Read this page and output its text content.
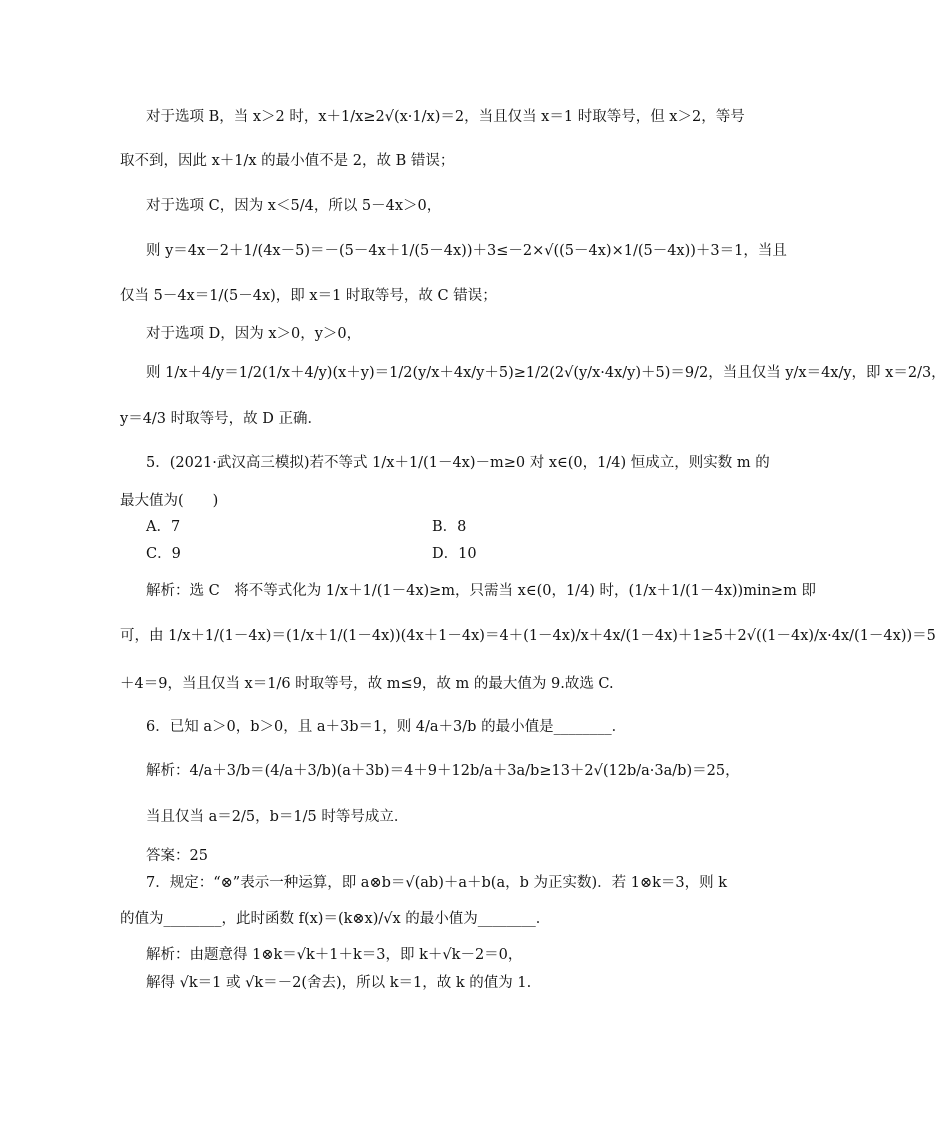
对于选项 B，当 x＞2 时，x＋1/x≥2√(x·1/x)＝2，当且仅当 x＝1 时取等号，但 x＞2，等号
取不到，因此 x＋1/x 的最小值不是 2，故 B 错误；
对于选项 C，因为 x＜5/4，所以 5－4x＞0，
则 y＝4x－2＋1/(4x－5)＝－(5－4x＋1/(5－4x))＋3≤－2×√((5－4x)×1/(5－4x))＋3＝1，当且
仅当 5－4x＝1/(5－4x)，即 x＝1 时取等号，故 C 错误；
对于选项 D，因为 x＞0，y＞0，
则 1/x＋4/y＝1/2(1/x＋4/y)(x＋y)＝1/2(y/x＋4x/y＋5)≥1/2(2√(y/x·4x/y)＋5)＝9/2，当且仅当 y/x＝4x/y，即 x＝2/3，
y＝4/3 时取等号，故 D 正确．
5．(2021·武汉高三模拟)若不等式 1/x＋1/(1－4x)－m≥0 对 x∈(0，1/4) 恒成立，则实数 m 的
最大值为(　　)
A．7	B．8
C．9	D．10
解析：选 C　将不等式化为 1/x＋1/(1－4x)≥m，只需当 x∈(0，1/4) 时，(1/x＋1/(1－4x))min≥m 即
可，由 1/x＋1/(1－4x)＝(1/x＋1/(1－4x))(4x＋1－4x)＝4＋(1－4x)/x＋4x/(1－4x)＋1≥5＋2√((1－4x)/x·4x/(1－4x))＝5
＋4＝9，当且仅当 x＝1/6 时取等号，故 m≤9，故 m 的最大值为 9.故选 C.
6．已知 a＞0，b＞0，且 a＋3b＝1，则 4/a＋3/b 的最小值是________．
解析：4/a＋3/b＝(4/a＋3/b)(a＋3b)＝4＋9＋12b/a＋3a/b≥13＋2√(12b/a·3a/b)＝25，
当且仅当 a＝2/5，b＝1/5 时等号成立．
答案：25
7．规定：“⊗”表示一种运算，即 a⊗b＝√(ab)＋a＋b(a，b 为正实数)．若 1⊗k＝3，则 k
的值为________，此时函数 f(x)＝(k⊗x)/√x 的最小值为________．
解析：由题意得 1⊗k＝√k＋1＋k＝3，即 k＋√k－2＝0，
解得 √k＝1 或 √k＝－2(舍去)，所以 k＝1，故 k 的值为 1.
